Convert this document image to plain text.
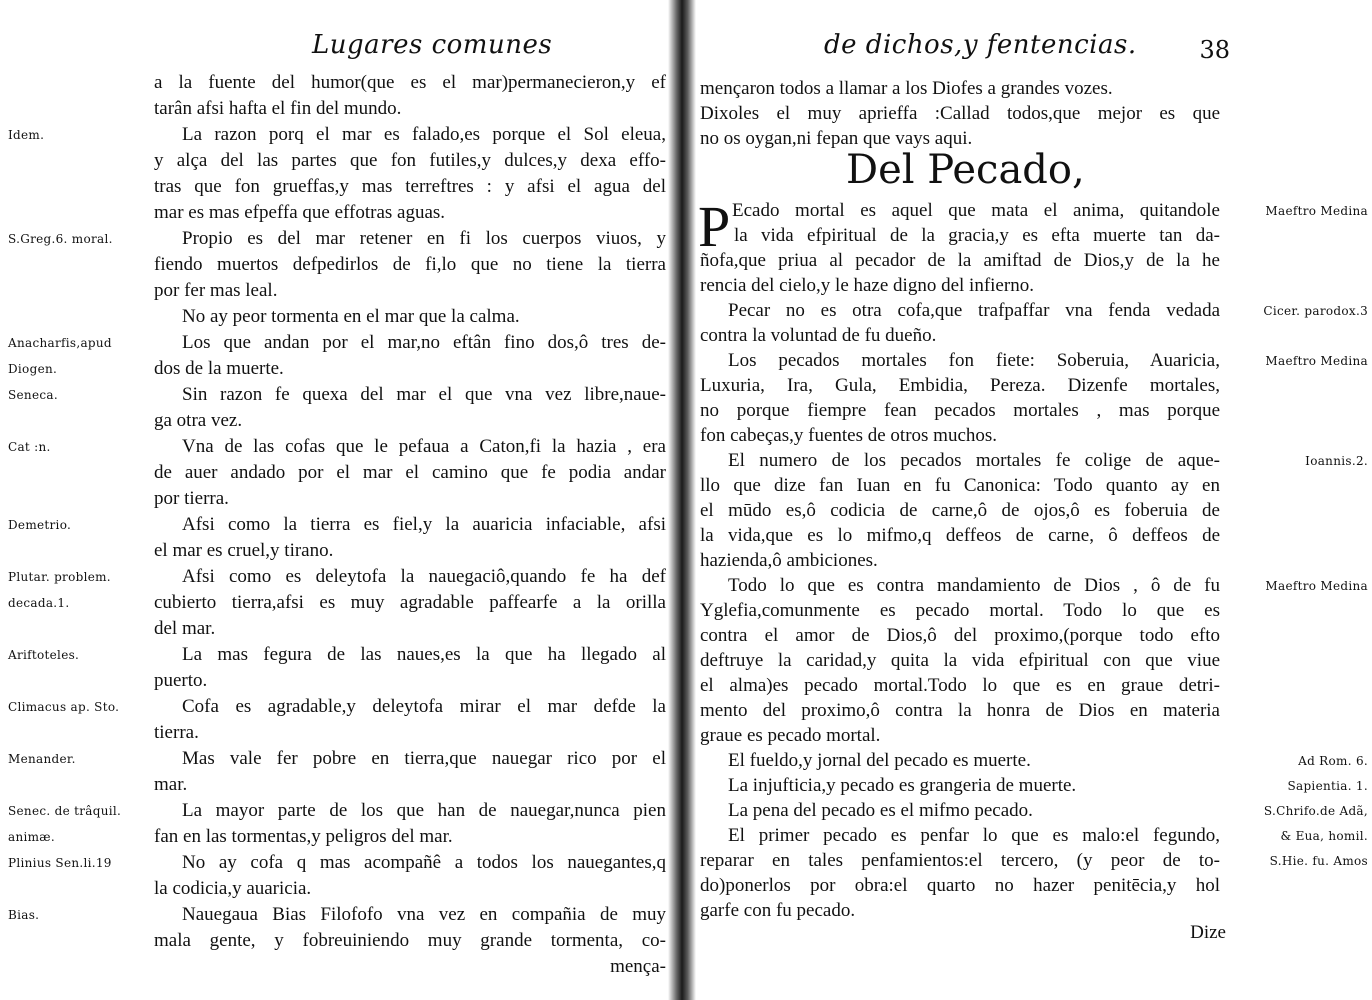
Lugares comunes
a la fuente del humor(que es el mar)permanecieron,y ef
tarân afsi hafta el fin del mundo.
Idem.	La razon porq el mar es falado,es porque el Sol eleua,
y alça del las partes que fon futiles,y dulces,y dexa effo-
tras que fon grueffas,y mas terreftres : y afsi el agua del
mar es mas efpeffa que effotras aguas.
S.Greg.6. moral.	Propio es del mar retener en fi los cuerpos viuos, y
fiendo muertos defpedirlos de fi,lo que no tiene la tierra
por fer mas leal.
No ay peor tormenta en el mar que la calma.
Anacharfis,apud	Los que andan por el mar,no eftân fino dos,ô tres de-
Diogen.	dos de la muerte.
Seneca.	Sin razon fe quexa del mar el que vna vez libre,naue-
ga otra vez.
Cat :n.	Vna de las cofas que le pefaua a Caton,fi la hazia , era
de auer andado por el mar el camino que fe podia andar
por tierra.
Demetrio.	Afsi como la tierra es fiel,y la auaricia infaciable, afsi
el mar es cruel,y tirano.
Plutar. problem.	Afsi como es deleytofa la nauegaciô,quando fe ha def
decada.1.	cubierto tierra,afsi es muy agradable paffearfe a la orilla
del mar.
Ariftoteles.	La mas fegura de las naues,es la que ha llegado al
puerto.
Climacus ap. Sto.	Cofa es agradable,y deleytofa mirar el mar defde la
tierra.
Menander.	Mas vale fer pobre en tierra,que nauegar rico por el
mar.
Senec. de trâquil.	La mayor parte de los que han de nauegar,nunca pien
animæ.	fan en las tormentas,y peligros del mar.
Plinius Sen.li.19	No ay cofa q mas acompañê a todos los nauegantes,q
la codicia,y auaricia.
Bias.	Nauegaua Bias Filofofo vna vez en compañia de muy
mala gente, y fobreuiniendo muy grande tormenta, co-
mença-
de dichos,y fentencias.	38
mençaron todos a llamar a los Diofes a grandes vozes.
Dixoles el muy aprieffa :Callad todos,que mejor es que
no os oygan,ni fepan que vays aqui.
Del Pecado,
P	Maeftro Medina
Ecado mortal es aquel que mata el anima, quitandole
la vida efpiritual de la gracia,y es efta muerte tan da-
ñofa,que priua al pecador de la amiftad de Dios,y de la he
rencia del cielo,y le haze digno del infierno.
Cicer. parodox.3
Pecar no es otra cofa,que trafpaffar vna fenda vedada
contra la voluntad de fu dueño.
Maeftro Medina
Los pecados mortales fon fiete: Soberuia, Auaricia,
Luxuria, Ira, Gula, Embidia, Pereza. Dizenfe mortales,
no porque fiempre fean pecados mortales , mas porque
fon cabeças,y fuentes de otros muchos.
Ioannis.2.
El numero de los pecados mortales fe colige de aque-
llo que dize fan Iuan en fu Canonica: Todo quanto ay en
el mūdo es,ô codicia de carne,ô de ojos,ô es foberuia de
la vida,que es lo mifmo,q deffeos de carne, ô deffeos de
hazienda,ô ambiciones.
Maeftro Medina
Todo lo que es contra mandamiento de Dios , ô de fu
Yglefia,comunmente es pecado mortal. Todo lo que es
contra el amor de Dios,ô del proximo,(porque todo efto
deftruye la caridad,y quita la vida efpiritual con que viue
el alma)es pecado mortal.Todo lo que es en graue detri-
mento del proximo,ô contra la honra de Dios en materia
graue es pecado mortal.
Ad Rom. 6.
El fueldo,y jornal del pecado es muerte.
Sapientia. 1.
La injufticia,y pecado es grangeria de muerte.
S.Chrifo.de Adã,
La pena del pecado es el mifmo pecado.
& Eua, homil.
El primer pecado es penfar lo que es malo:el fegundo,
S.Hie. fu. Amos
reparar en tales penfamientos:el tercero, (y peor de to-
do)ponerlos por obra:el quarto no hazer penitēcia,y hol
garfe con fu pecado.
Dize
